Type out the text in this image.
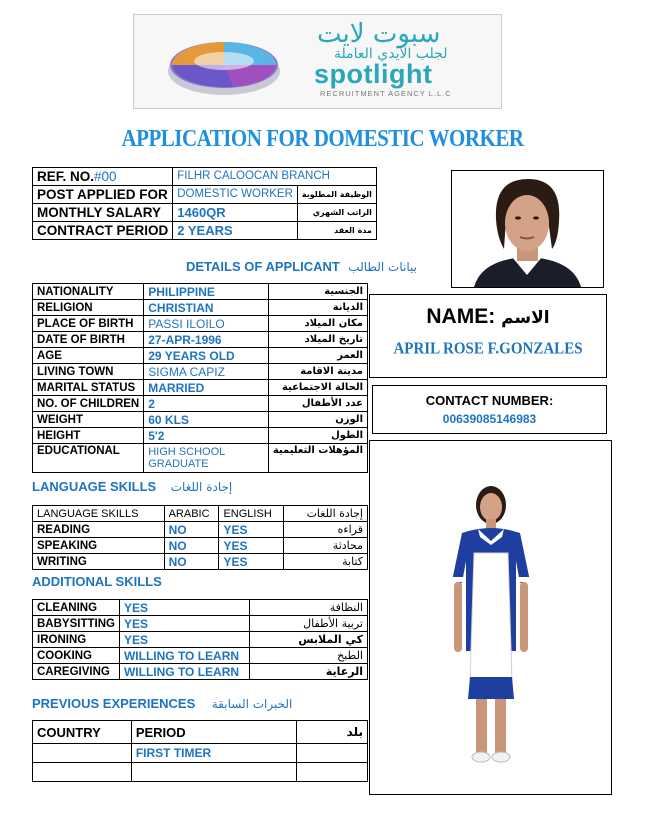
سبوت لايت
لجلب الايدي العاملة
spotlight
RECRUITMENT AGENCY L.L.C
APPLICATION FOR DOMESTIC WORKER
REF. NO.#00	FILHR CALOOCAN BRANCH	
POST APPLIED FOR	DOMESTIC WORKER	الوظيفة المطلوبة
MONTHLY SALARY	1460QR	الراتب الشهري
CONTRACT PERIOD	2 YEARS	مدة العقد
DETAILS OF APPLICANT بيانات الطالب
NATIONALITY	PHILIPPINE	الجنسية
RELIGION	CHRISTIAN	الديانة
PLACE OF BIRTH	PASSI ILOILO	مكان الميلاد
DATE OF BIRTH	27-APR-1996	تاريخ الميلاد
AGE	29 YEARS OLD	العمر
LIVING TOWN	SIGMA CAPIZ	مدينة الاقامة
MARITAL STATUS	MARRIED	الحالة الاجتماعية
NO. OF CHILDREN	2	عدد الأطفال
WEIGHT	60 KLS	الوزن
HEIGHT	5'2	الطول
EDUCATIONAL	HIGH SCHOOL GRADUATE	المؤهلات التعليمية
LANGUAGE SKILLS إجادة اللغات
LANGUAGE SKILLS	ARABIC	ENGLISH	إجادة اللغات
READING	NO	YES	قراءه
SPEAKING	NO	YES	محادثة
WRITING	NO	YES	كتابة
ADDITIONAL SKILLS
CLEANING	YES	النظافة
BABYSITTING	YES	تربية الأطفال
IRONING	YES	كي الملابس
COOKING	WILLING TO LEARN	الطبخ
CAREGIVING	WILLING TO LEARN	الرعاية
PREVIOUS EXPERIENCES الخبرات السابقة
COUNTRY	PERIOD	بلد
	FIRST TIMER	

NAME: الاسم
APRIL ROSE F.GONZALES
CONTACT NUMBER:
00639085146983
